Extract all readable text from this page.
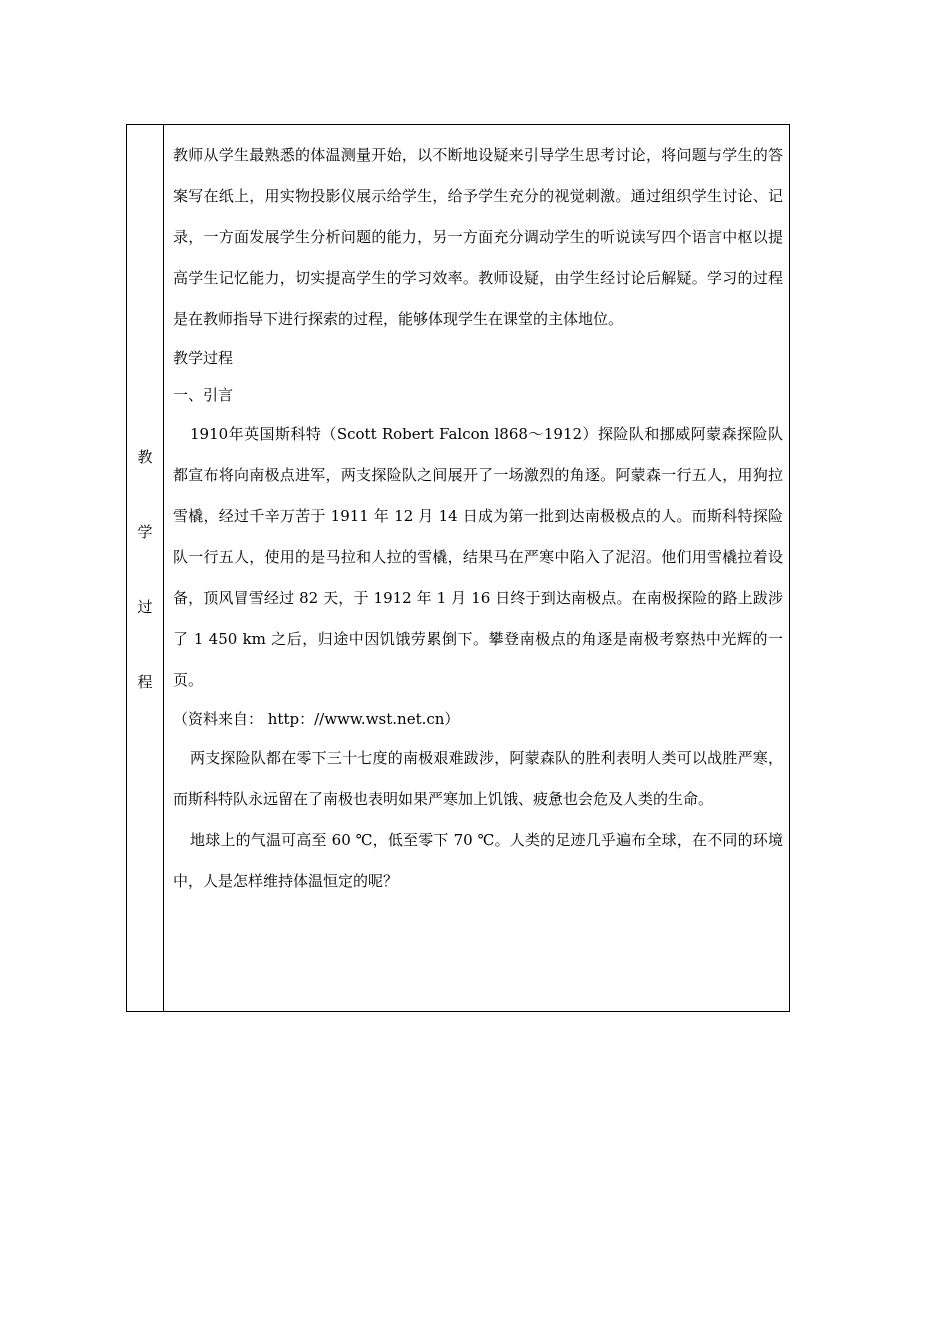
教
学
过
程

教师从学生最熟悉的体温测量开始，以不断地设疑来引导学生思考讨论，将问题与学生的答案写在纸上，用实物投影仪展示给学生，给予学生充分的视觉刺激。通过组织学生讨论、记录，一方面发展学生分析问题的能力，另一方面充分调动学生的听说读写四个语言中枢以提高学生记忆能力，切实提高学生的学习效率。教师设疑，由学生经讨论后解疑。学习的过程是在教师指导下进行探索的过程，能够体现学生在课堂的主体地位。

教学过程

一、引言

1910年英国斯科特（Scott Robert Falcon l868～1912）探险队和挪威阿蒙森探险队都宣布将向南极点进军，两支探险队之间展开了一场激烈的角逐。阿蒙森一行五人，用狗拉雪橇，经过千辛万苦于 1911 年 12 月 14 日成为第一批到达南极极点的人。而斯科特探险队一行五人，使用的是马拉和人拉的雪橇，结果马在严寒中陷入了泥沼。他们用雪橇拉着设备，顶风冒雪经过 82 天，于 1912 年 1 月 16 日终于到达南极点。在南极探险的路上跋涉了 1 450 km 之后，归途中因饥饿劳累倒下。攀登南极点的角逐是南极考察热中光辉的一页。

（资料来自： http：//www.wst.net.cn）

两支探险队都在零下三十七度的南极艰难跋涉，阿蒙森队的胜利表明人类可以战胜严寒，而斯科特队永远留在了南极也表明如果严寒加上饥饿、疲惫也会危及人类的生命。

地球上的气温可高至 60 ℃，低至零下 70 ℃。人类的足迹几乎遍布全球，在不同的环境中，人是怎样维持体温恒定的呢？
